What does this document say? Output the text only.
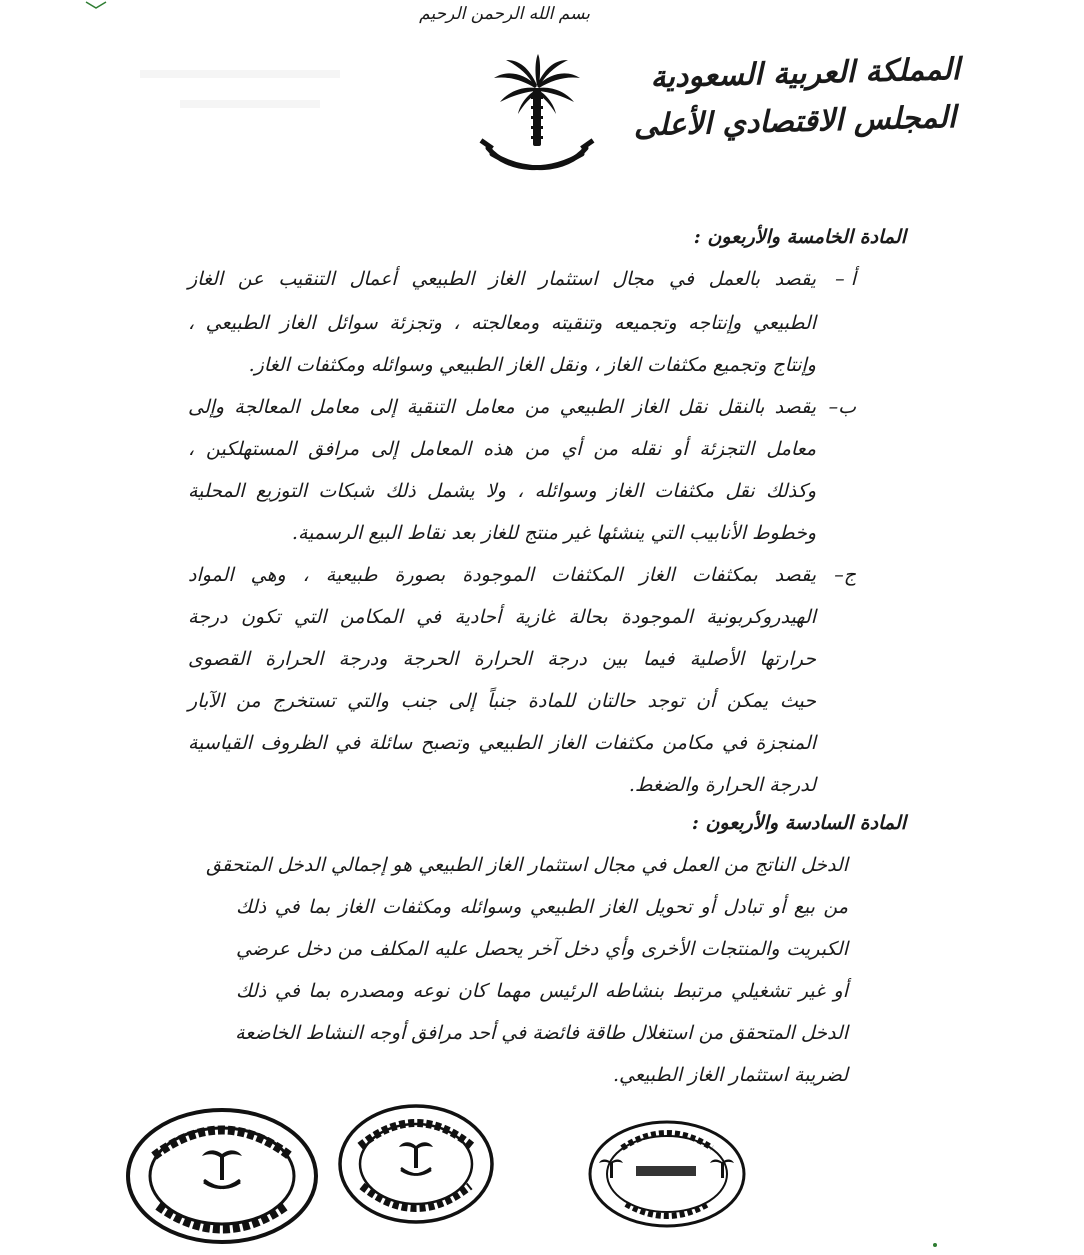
بسم الله الرحمن الرحيم
المملكة العربية السعودية
المجلس الاقتصادي الأعلى
المادة الخامسة والأربعون :
أ –
يقصد بالعمل في مجال استثمار الغاز الطبيعي أعمال التنقيب عن الغاز
الطبيعي وإنتاجه وتجميعه وتنقيته ومعالجته ، وتجزئة سوائل الغاز الطبيعي ،
وإنتاج وتجميع مكثفات الغاز ، ونقل الغاز الطبيعي وسوائله ومكثفات الغاز.
ب–
يقصد بالنقل نقل الغاز الطبيعي من معامل التنقية إلى معامل المعالجة وإلى
معامل التجزئة أو نقله من أي من هذه المعامل إلى مرافق المستهلكين ،
وكذلك نقل مكثفات الغاز وسوائله ، ولا يشمل ذلك شبكات التوزيع المحلية
وخطوط الأنابيب التي ينشئها غير منتج للغاز بعد نقاط البيع الرسمية.
ج–
يقصد بمكثفات الغاز المكثفات الموجودة بصورة طبيعية ، وهي المواد
الهيدروكربونية الموجودة بحالة غازية أحادية في المكامن التي تكون درجة
حرارتها الأصلية فيما بين درجة الحرارة الحرجة ودرجة الحرارة القصوى
حيث يمكن أن توجد حالتان للمادة جنباً إلى جنب والتي تستخرج من الآبار
المنجزة في مكامن مكثفات الغاز الطبيعي وتصبح سائلة في الظروف القياسية
لدرجة الحرارة والضغط.
المادة السادسة والأربعون :
الدخل الناتج من العمل في مجال استثمار الغاز الطبيعي هو إجمالي الدخل المتحقق
من بيع أو تبادل أو تحويل الغاز الطبيعي وسوائله ومكثفات الغاز بما في ذلك
الكبريت والمنتجات الأخرى وأي دخل آخر يحصل عليه المكلف من دخل عرضي
أو غير تشغيلي مرتبط بنشاطه الرئيس مهما كان نوعه ومصدره بما في ذلك
الدخل المتحقق من استغلال طاقة فائضة في أحد مرافق أوجه النشاط الخاضعة
لضريبة استثمار الغاز الطبيعي.
